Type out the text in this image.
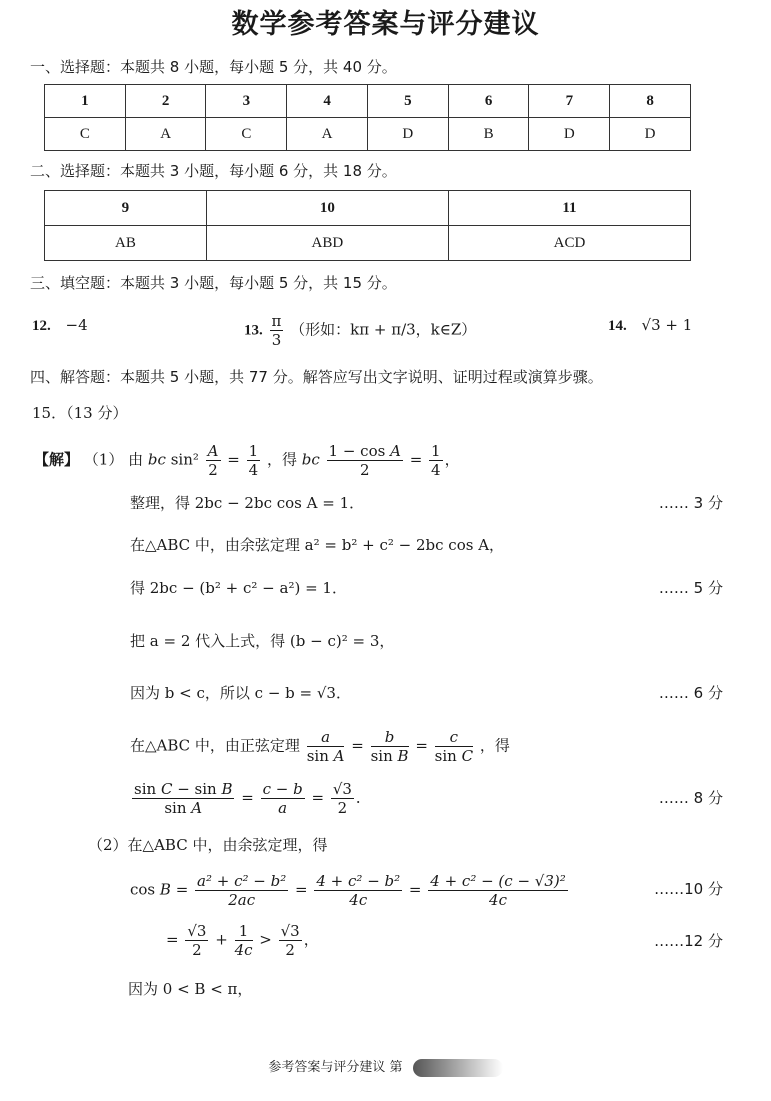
数学参考答案与评分建议
一、选择题：本题共 8 小题，每小题 5 分，共 40 分。
1	2	3	4	5	6	7	8
C	A	C	A	D	B	D	D
二、选择题：本题共 3 小题，每小题 6 分，共 18 分。
9	10	11
AB	ABD	ACD
三、填空题：本题共 3 小题，每小题 5 分，共 15 分。
12. −4	13. $\frac{\pi}{3}$ （形如：kπ + π/3，k∈Z）	14. √3 + 1
四、解答题：本题共 5 小题，共 77 分。解答应写出文字说明、证明过程或演算步骤。
15．（13 分）
【解】 （1） 由 bc $\sin^2 \frac{A}{2} = \frac{1}{4}$ ，得 bc $\frac{\text{1 − cos A}}{2} = \frac{1}{4}$ ，
整理，得 2bc − 2bc cos A = 1．	…… 3 分
在△ABC 中，由余弦定理 a² = b² + c² − 2bc cos A，
得 2bc − (b² + c² − a²) = 1．	…… 5 分
把 a = 2 代入上式，得 (b − c)² = 3，
因为 b < c，所以 c − b = √3．	…… 6 分
在△ABC 中，由正弦定理 $\frac{a}{\text{sin A}} = \frac{b}{\text{sin B}} = \frac{c}{\text{sin C}}$ ，得
$\frac{\text{sin C − sin B}}{\text{sin A}} = \frac{c - b}{a} = \frac{√3}{2}$ ．	…… 8 分
（2）在△ABC 中，由余弦定理，得
$\cos B = \frac{\text{a² + c² − b²}}{2ac} = \frac{\text{4 + c² − b²}}{4c} = \frac{\text{4 + c² − (c − √3)²}}{4c}$	……10 分
= $\frac{√3}{2} + \frac{1}{4c} > \frac{√3}{2}$ ，	……12 分
因为 0 < B < π，
参考答案与评分建议 第
